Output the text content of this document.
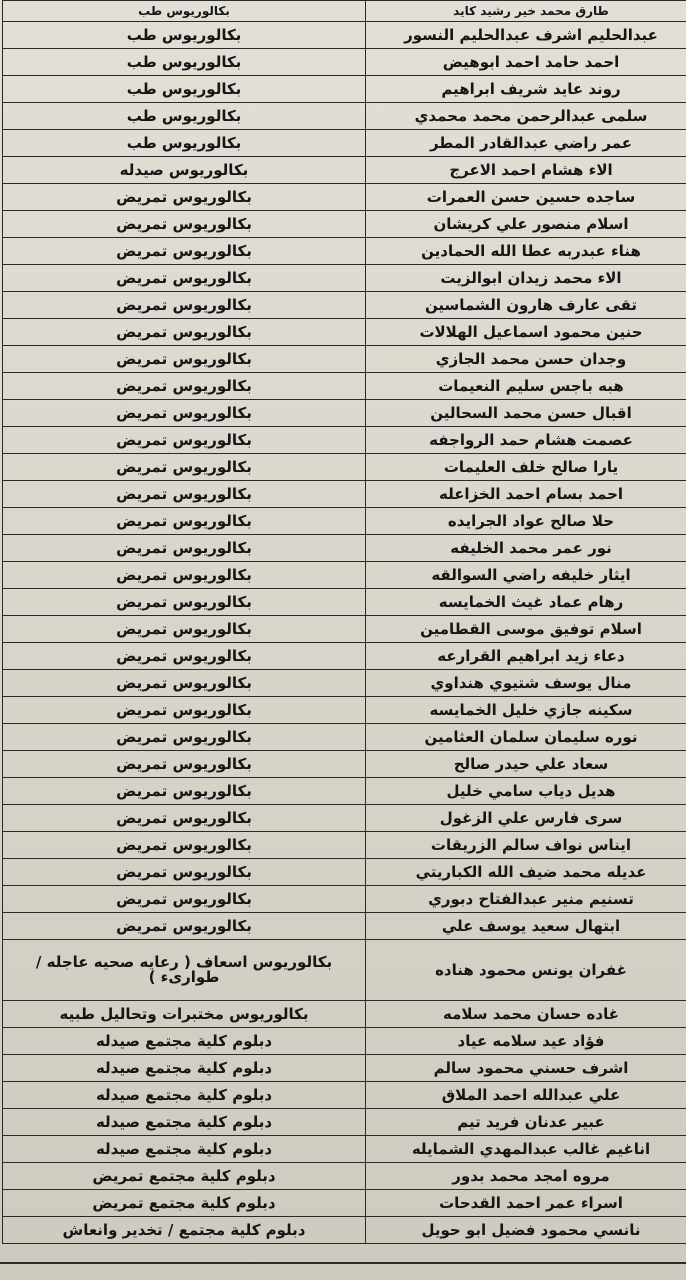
طارق محمد خير رشيد كايد	بكالوريوس طب
عبدالحليم اشرف عبدالحليم النسور	بكالوريوس طب
احمد حامد احمد ابوهيض	بكالوريوس طب
روند عايد شريف ابراهيم	بكالوريوس طب
سلمى عبدالرحمن محمد محمدي	بكالوريوس طب
عمر راضي عبدالقادر المطر	بكالوريوس طب
الاء هشام احمد الاعرج	بكالوريوس صيدله
ساجده حسين حسن العمرات	بكالوريوس تمريض
اسلام منصور علي كريشان	بكالوريوس تمريض
هناء عبدربه عطا الله الحمادين	بكالوريوس تمريض
الاء محمد زيدان ابوالزيت	بكالوريوس تمريض
تقى عارف هارون الشماسين	بكالوريوس تمريض
حنين محمود اسماعيل الهلالات	بكالوريوس تمريض
وجدان حسن محمد الجازي	بكالوريوس تمريض
هبه باجس سليم النعيمات	بكالوريوس تمريض
اقبال حسن محمد السحالين	بكالوريوس تمريض
عصمت هشام حمد الرواجفه	بكالوريوس تمريض
يارا صالح خلف العليمات	بكالوريوس تمريض
احمد بسام احمد الخزاعله	بكالوريوس تمريض
حلا صالح عواد الجرايده	بكالوريوس تمريض
نور عمر محمد الخليفه	بكالوريوس تمريض
ايثار خليفه راضي السوالقه	بكالوريوس تمريض
رهام عماد غيث الخمايسه	بكالوريوس تمريض
اسلام توفيق موسى القطامين	بكالوريوس تمريض
دعاء زيد ابراهيم القرارعه	بكالوريوس تمريض
منال يوسف شتيوي هنداوي	بكالوريوس تمريض
سكينه جازي خليل الخمايسه	بكالوريوس تمريض
نوره سليمان سلمان العثامين	بكالوريوس تمريض
سعاد علي حيدر صالح	بكالوريوس تمريض
هديل دياب سامي خليل	بكالوريوس تمريض
سرى فارس علي الزغول	بكالوريوس تمريض
ايناس نواف سالم الزريقات	بكالوريوس تمريض
عديله محمد ضيف الله الكباريتي	بكالوريوس تمريض
تسنيم منير عبدالفتاح دبوري	بكالوريوس تمريض
ابتهال سعيد يوسف علي	بكالوريوس تمريض
غفران يونس محمود هناده	بكالوريوس اسعاف ( رعايه صحيه عاجله / طوارىء )
غاده حسان محمد سلامه	بكالوريوس مختبرات وتحاليل طبيه
فؤاد عيد سلامه عياد	دبلوم كلية مجتمع صيدله
اشرف حسني محمود سالم	دبلوم كلية مجتمع صيدله
علي عبدالله احمد الملاق	دبلوم كلية مجتمع صيدله
عبير عدنان فريد تيم	دبلوم كلية مجتمع صيدله
اناغيم غالب عبدالمهدي الشمايله	دبلوم كلية مجتمع صيدله
مروه امجد محمد بدور	دبلوم كلية مجتمع تمريض
اسراء عمر احمد القدحات	دبلوم كلية مجتمع تمريض
نانسي محمود فضيل ابو حويل	دبلوم كلية مجتمع / تخدير وانعاش
